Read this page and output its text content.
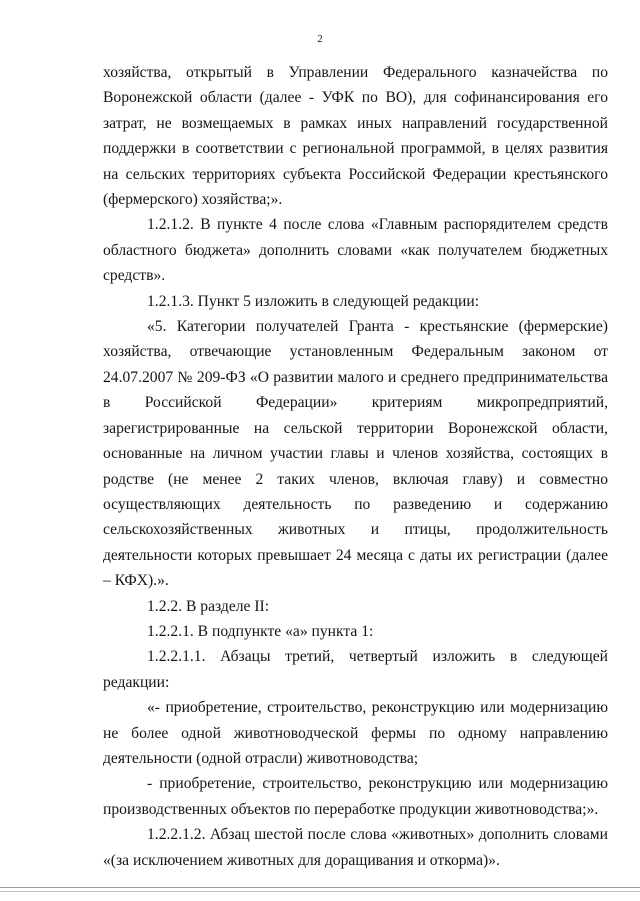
2

хозяйства, открытый в Управлении Федерального казначейства по Воронежской области (далее - УФК по ВО), для софинансирования его затрат, не возмещаемых в рамках иных направлений государственной поддержки в соответствии с региональной программой, в целях развития на сельских территориях субъекта Российской Федерации крестьянского (фермерского) хозяйства;».

1.2.1.2. В пункте 4 после слова «Главным распорядителем средств областного бюджета» дополнить словами «как получателем бюджетных средств».

1.2.1.3. Пункт 5 изложить в следующей редакции:

«5. Категории получателей Гранта - крестьянские (фермерские) хозяйства, отвечающие установленным Федеральным законом от 24.07.2007 № 209-ФЗ «О развитии малого и среднего предпринимательства в Российской Федерации» критериям микропредприятий, зарегистрированные на сельской территории Воронежской области, основанные на личном участии главы и членов хозяйства, состоящих в родстве (не менее 2 таких членов, включая главу) и совместно осуществляющих деятельность по разведению и содержанию сельскохозяйственных животных и птицы, продолжительность деятельности которых превышает 24 месяца с даты их регистрации (далее – КФХ).».

1.2.2. В разделе II:

1.2.2.1. В подпункте «а» пункта 1:

1.2.2.1.1. Абзацы третий, четвертый изложить в следующей редакции:

«- приобретение, строительство, реконструкцию или модернизацию не более одной животноводческой фермы по одному направлению деятельности (одной отрасли) животноводства;

- приобретение, строительство, реконструкцию или модернизацию производственных объектов по переработке продукции животноводства;».

1.2.2.1.2. Абзац шестой после слова «животных» дополнить словами «(за исключением животных для доращивания и откорма)».
